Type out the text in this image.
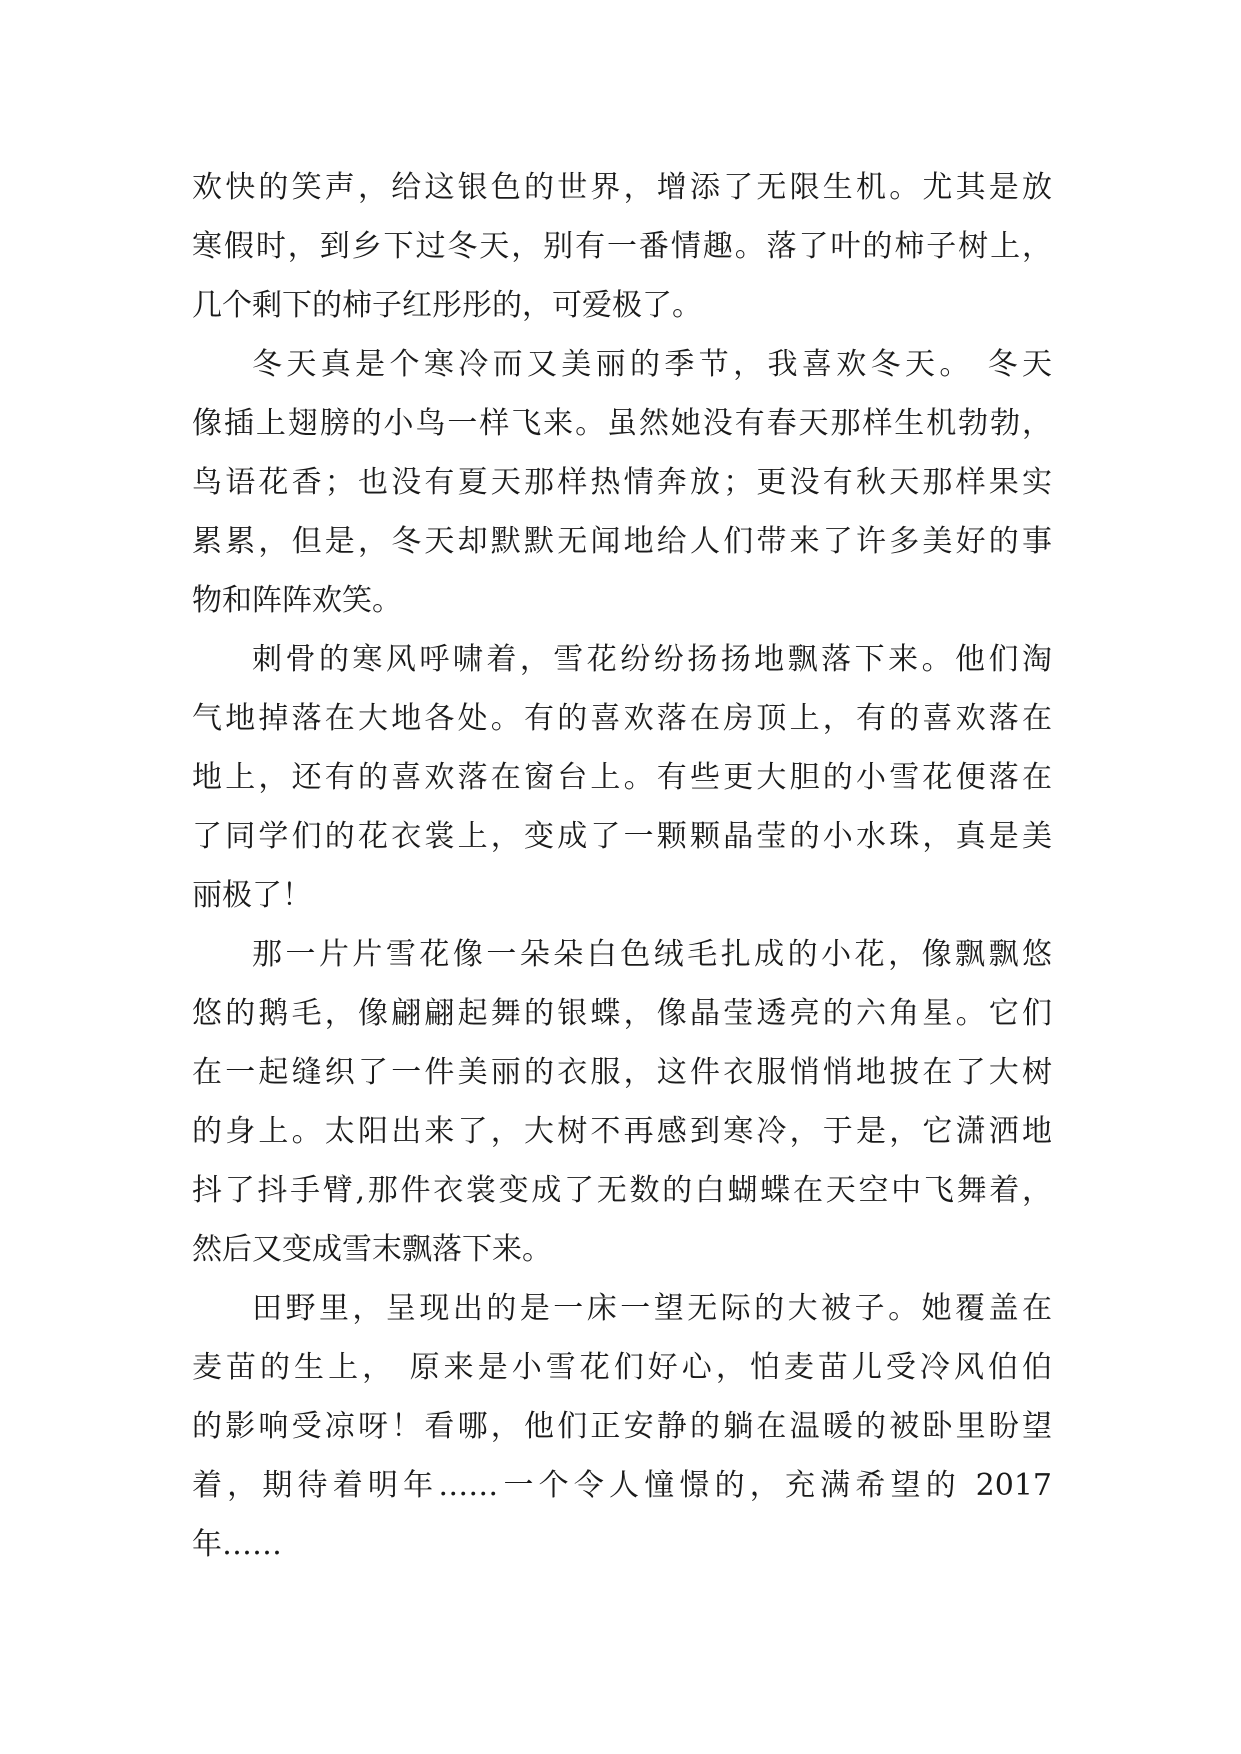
欢快的笑声，给这银色的世界，增添了无限生机。尤其是放
寒假时，到乡下过冬天，别有一番情趣。落了叶的柿子树上，
几个剩下的柿子红彤彤的，可爱极了。
冬天真是个寒冷而又美丽的季节，我喜欢冬天。 冬天
像插上翅膀的小鸟一样飞来。虽然她没有春天那样生机勃勃，
鸟语花香；也没有夏天那样热情奔放；更没有秋天那样果实
累累，但是，冬天却默默无闻地给人们带来了许多美好的事
物和阵阵欢笑。
刺骨的寒风呼啸着，雪花纷纷扬扬地飘落下来。他们淘
气地掉落在大地各处。有的喜欢落在房顶上，有的喜欢落在
地上，还有的喜欢落在窗台上。有些更大胆的小雪花便落在
了同学们的花衣裳上，变成了一颗颗晶莹的小水珠，真是美
丽极了！
那一片片雪花像一朵朵白色绒毛扎成的小花，像飘飘悠
悠的鹅毛，像翩翩起舞的银蝶，像晶莹透亮的六角星。它们
在一起缝织了一件美丽的衣服，这件衣服悄悄地披在了大树
的身上。太阳出来了，大树不再感到寒冷，于是，它潇洒地
抖了抖手臂,那件衣裳变成了无数的白蝴蝶在天空中飞舞着，
然后又变成雪末飘落下来。
田野里，呈现出的是一床一望无际的大被子。她覆盖在
麦苗的生上， 原来是小雪花们好心，怕麦苗儿受冷风伯伯
的影响受凉呀！看哪，他们正安静的躺在温暖的被卧里盼望
着，期待着明年……一个令人憧憬的，充满希望的 2017
年……
